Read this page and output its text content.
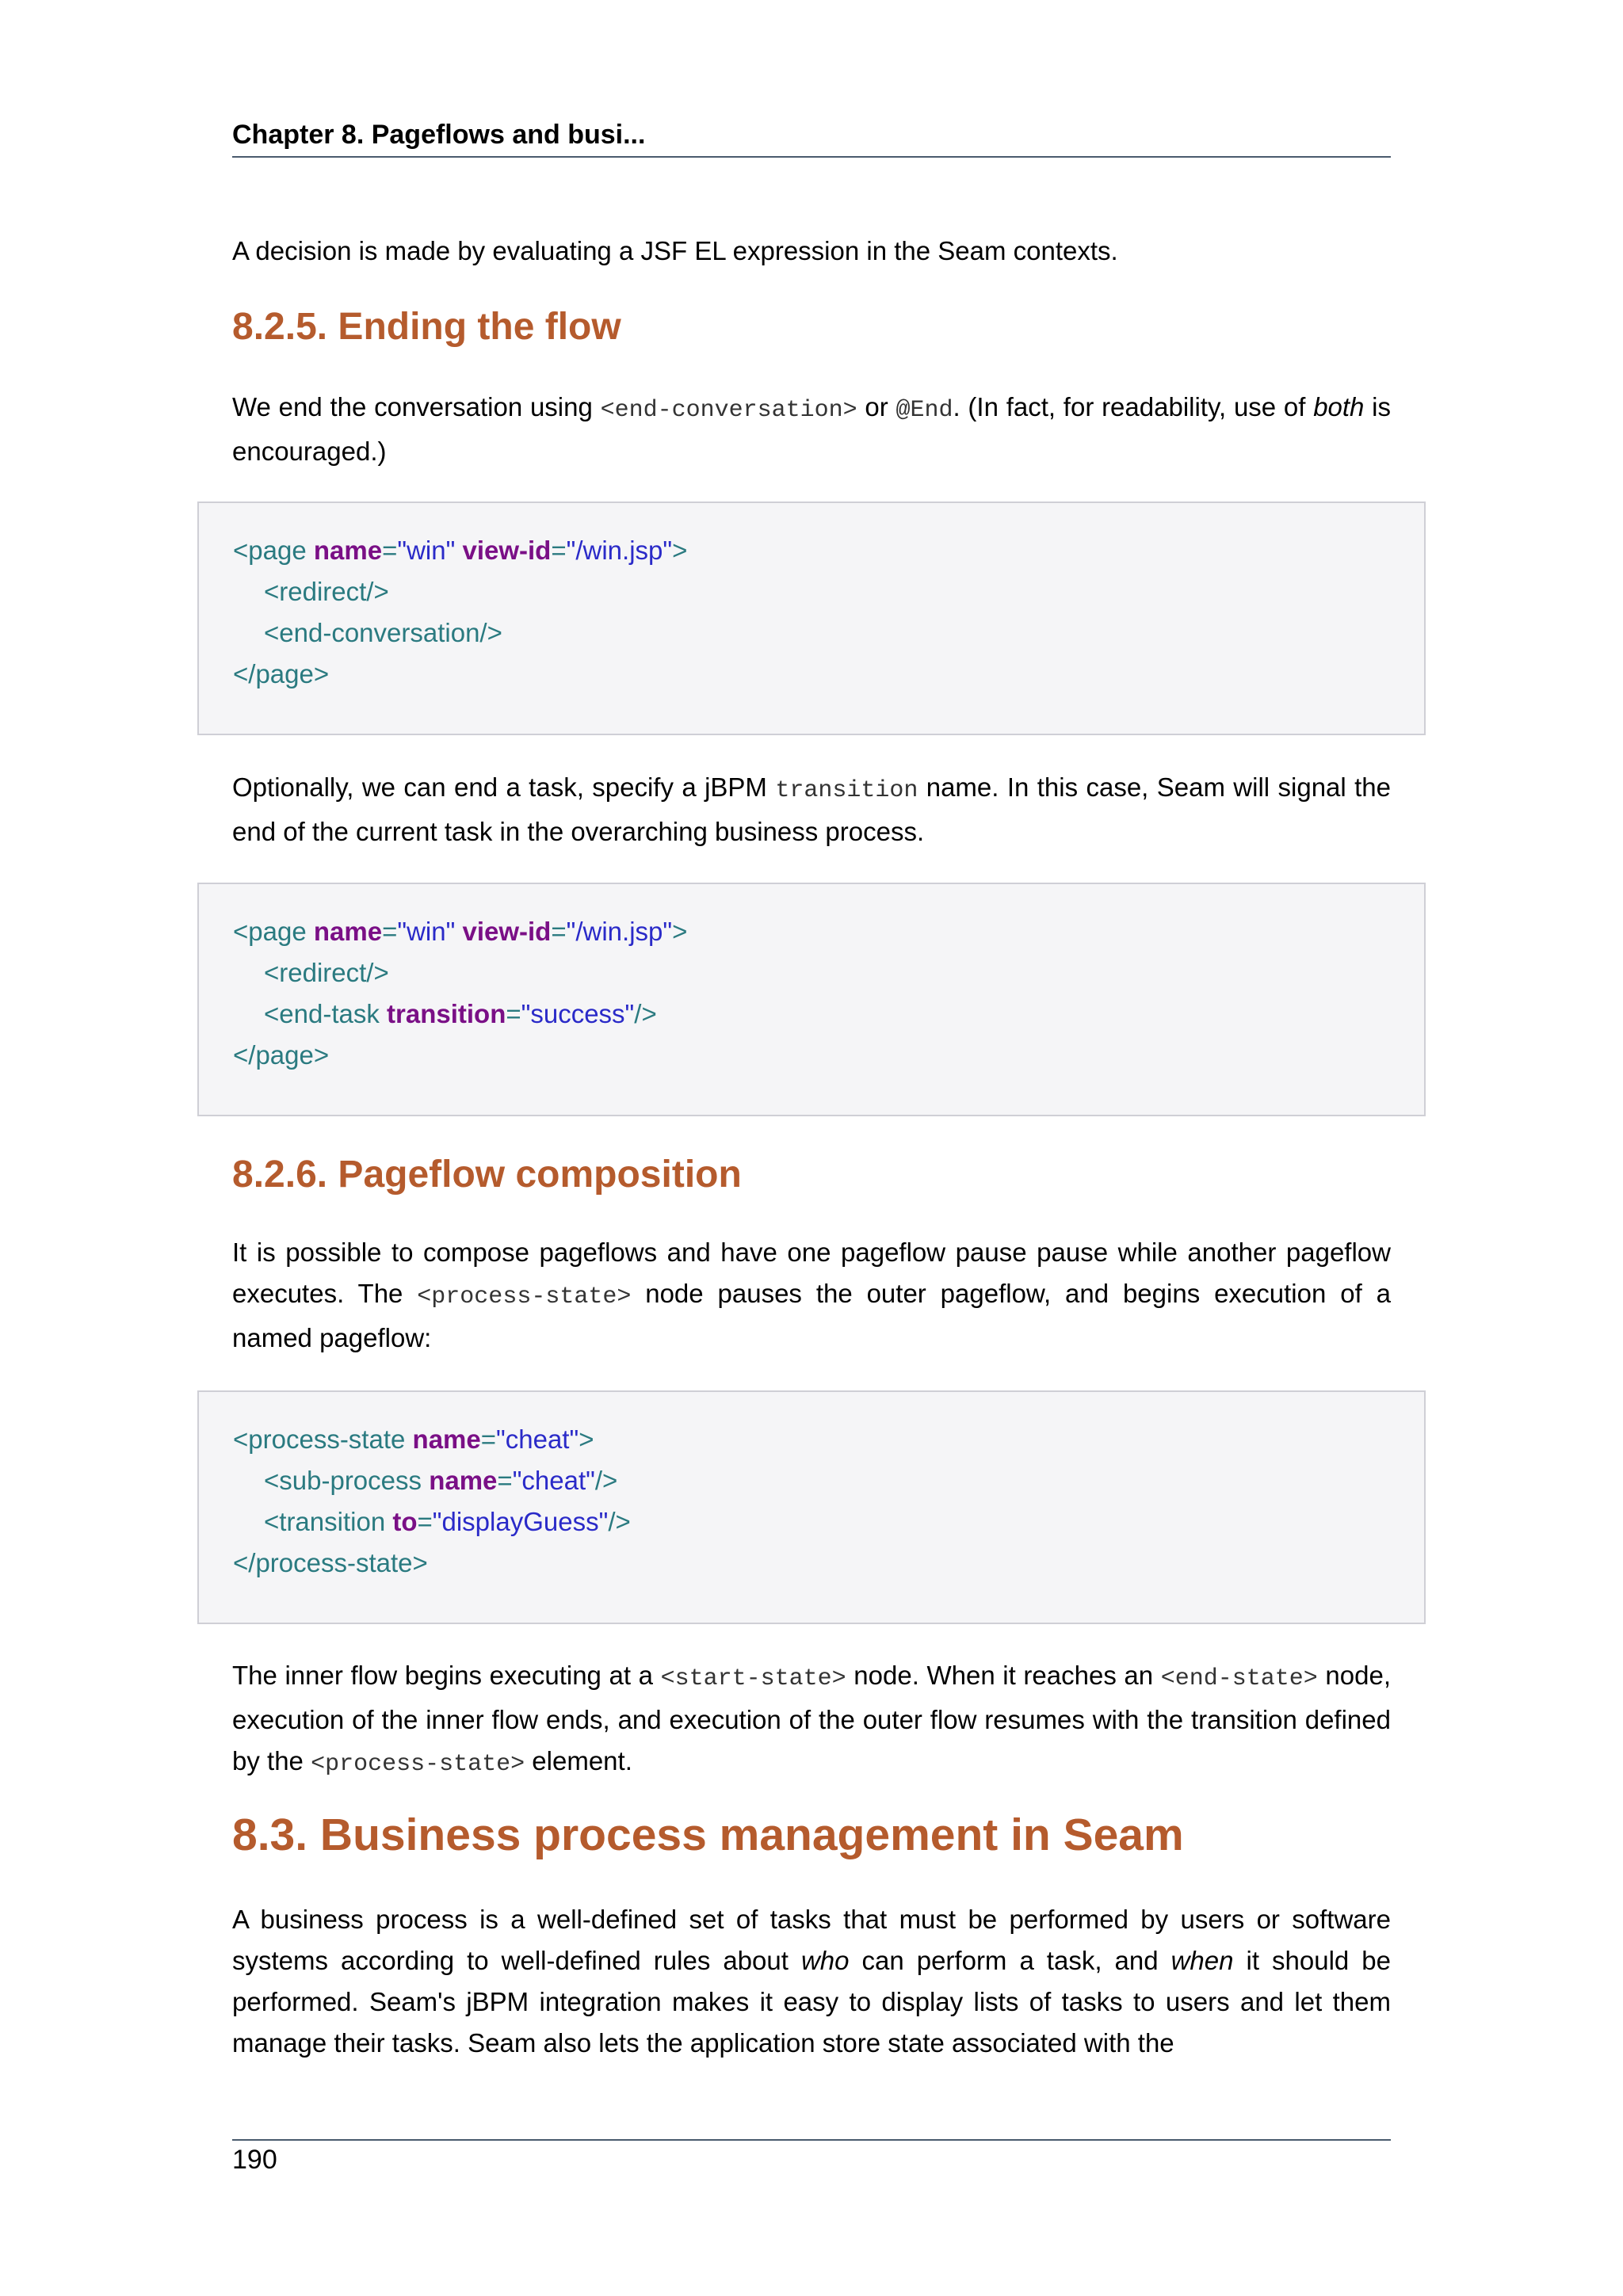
Chapter 8. Pageflows and busi...

A decision is made by evaluating a JSF EL expression in the Seam contexts.

8.2.5. Ending the flow

We end the conversation using <end-conversation> or @End. (In fact, for readability, use of both is encouraged.)

<page name="win" view-id="/win.jsp">
<redirect/>
<end-conversation/>
</page>

Optionally, we can end a task, specify a jBPM transition name. In this case, Seam will signal the end of the current task in the overarching business process.

<page name="win" view-id="/win.jsp">
<redirect/>
<end-task transition="success"/>
</page>
8.2.6. Pageflow composition

It is possible to compose pageflows and have one pageflow pause pause while another pageflow executes. The <process-state> node pauses the outer pageflow, and begins execution of a named pageflow:

<process-state name="cheat">
<sub-process name="cheat"/>
<transition to="displayGuess"/>
</process-state>

The inner flow begins executing at a <start-state> node. When it reaches an <end-state> node, execution of the inner flow ends, and execution of the outer flow resumes with the transition defined by the <process-state> element.

8.3. Business process management in Seam

A business process is a well-defined set of tasks that must be performed by users or software systems according to well-defined rules about who can perform a task, and when it should be performed. Seam's jBPM integration makes it easy to display lists of tasks to users and let them manage their tasks. Seam also lets the application store state associated with the

190
